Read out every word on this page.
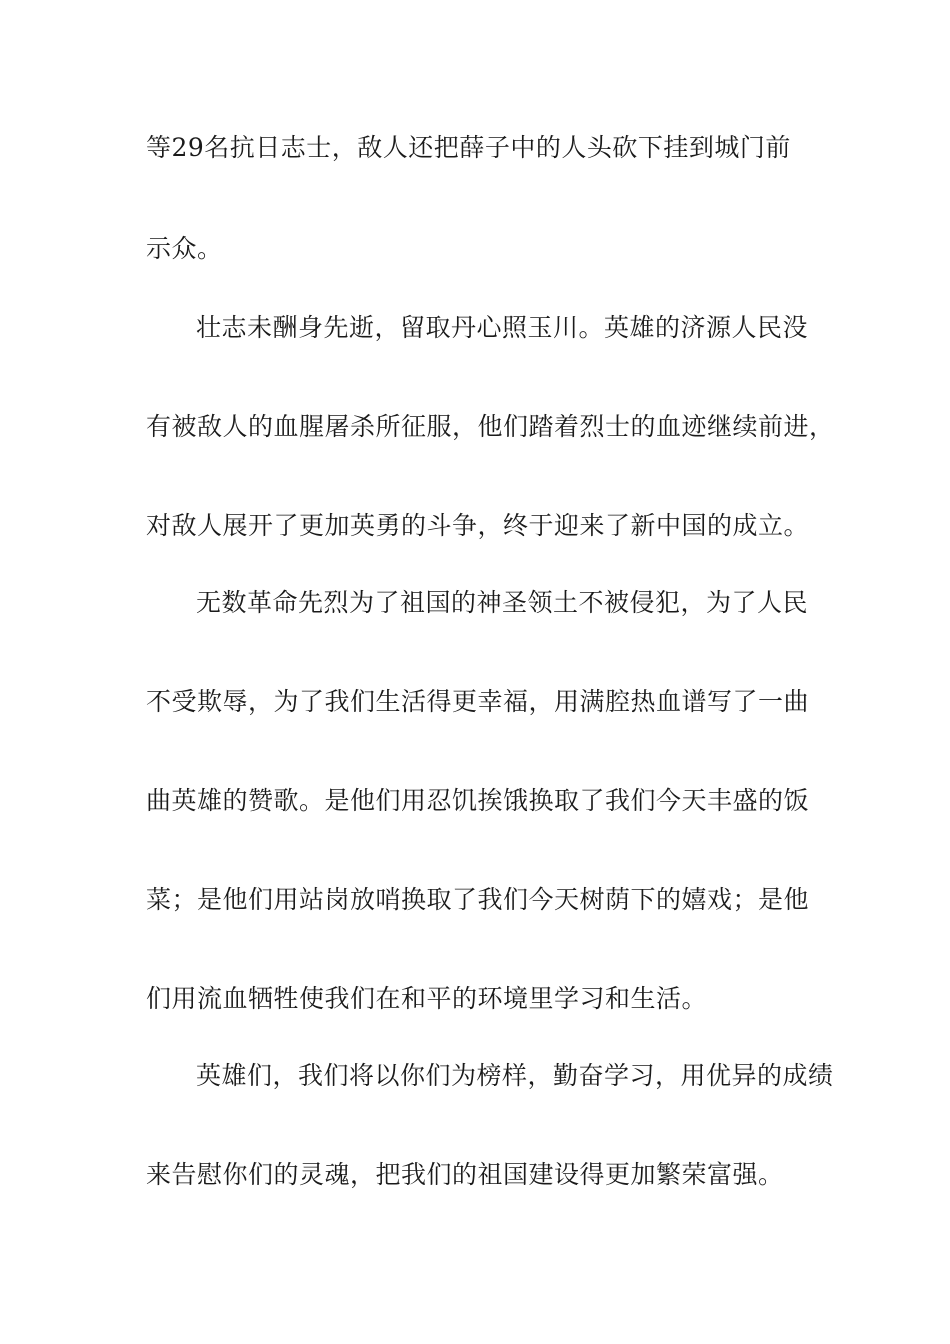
等29名抗日志士，敌人还把薛子中的人头砍下挂到城门前
示众。
壮志未酬身先逝，留取丹心照玉川。英雄的济源人民没
有被敌人的血腥屠杀所征服，他们踏着烈士的血迹继续前进，
对敌人展开了更加英勇的斗争，终于迎来了新中国的成立。
无数革命先烈为了祖国的神圣领土不被侵犯，为了人民
不受欺辱，为了我们生活得更幸福，用满腔热血谱写了一曲
曲英雄的赞歌。是他们用忍饥挨饿换取了我们今天丰盛的饭
菜；是他们用站岗放哨换取了我们今天树荫下的嬉戏；是他
们用流血牺牲使我们在和平的环境里学习和生活。
英雄们，我们将以你们为榜样，勤奋学习，用优异的成绩
来告慰你们的灵魂，把我们的祖国建设得更加繁荣富强。
